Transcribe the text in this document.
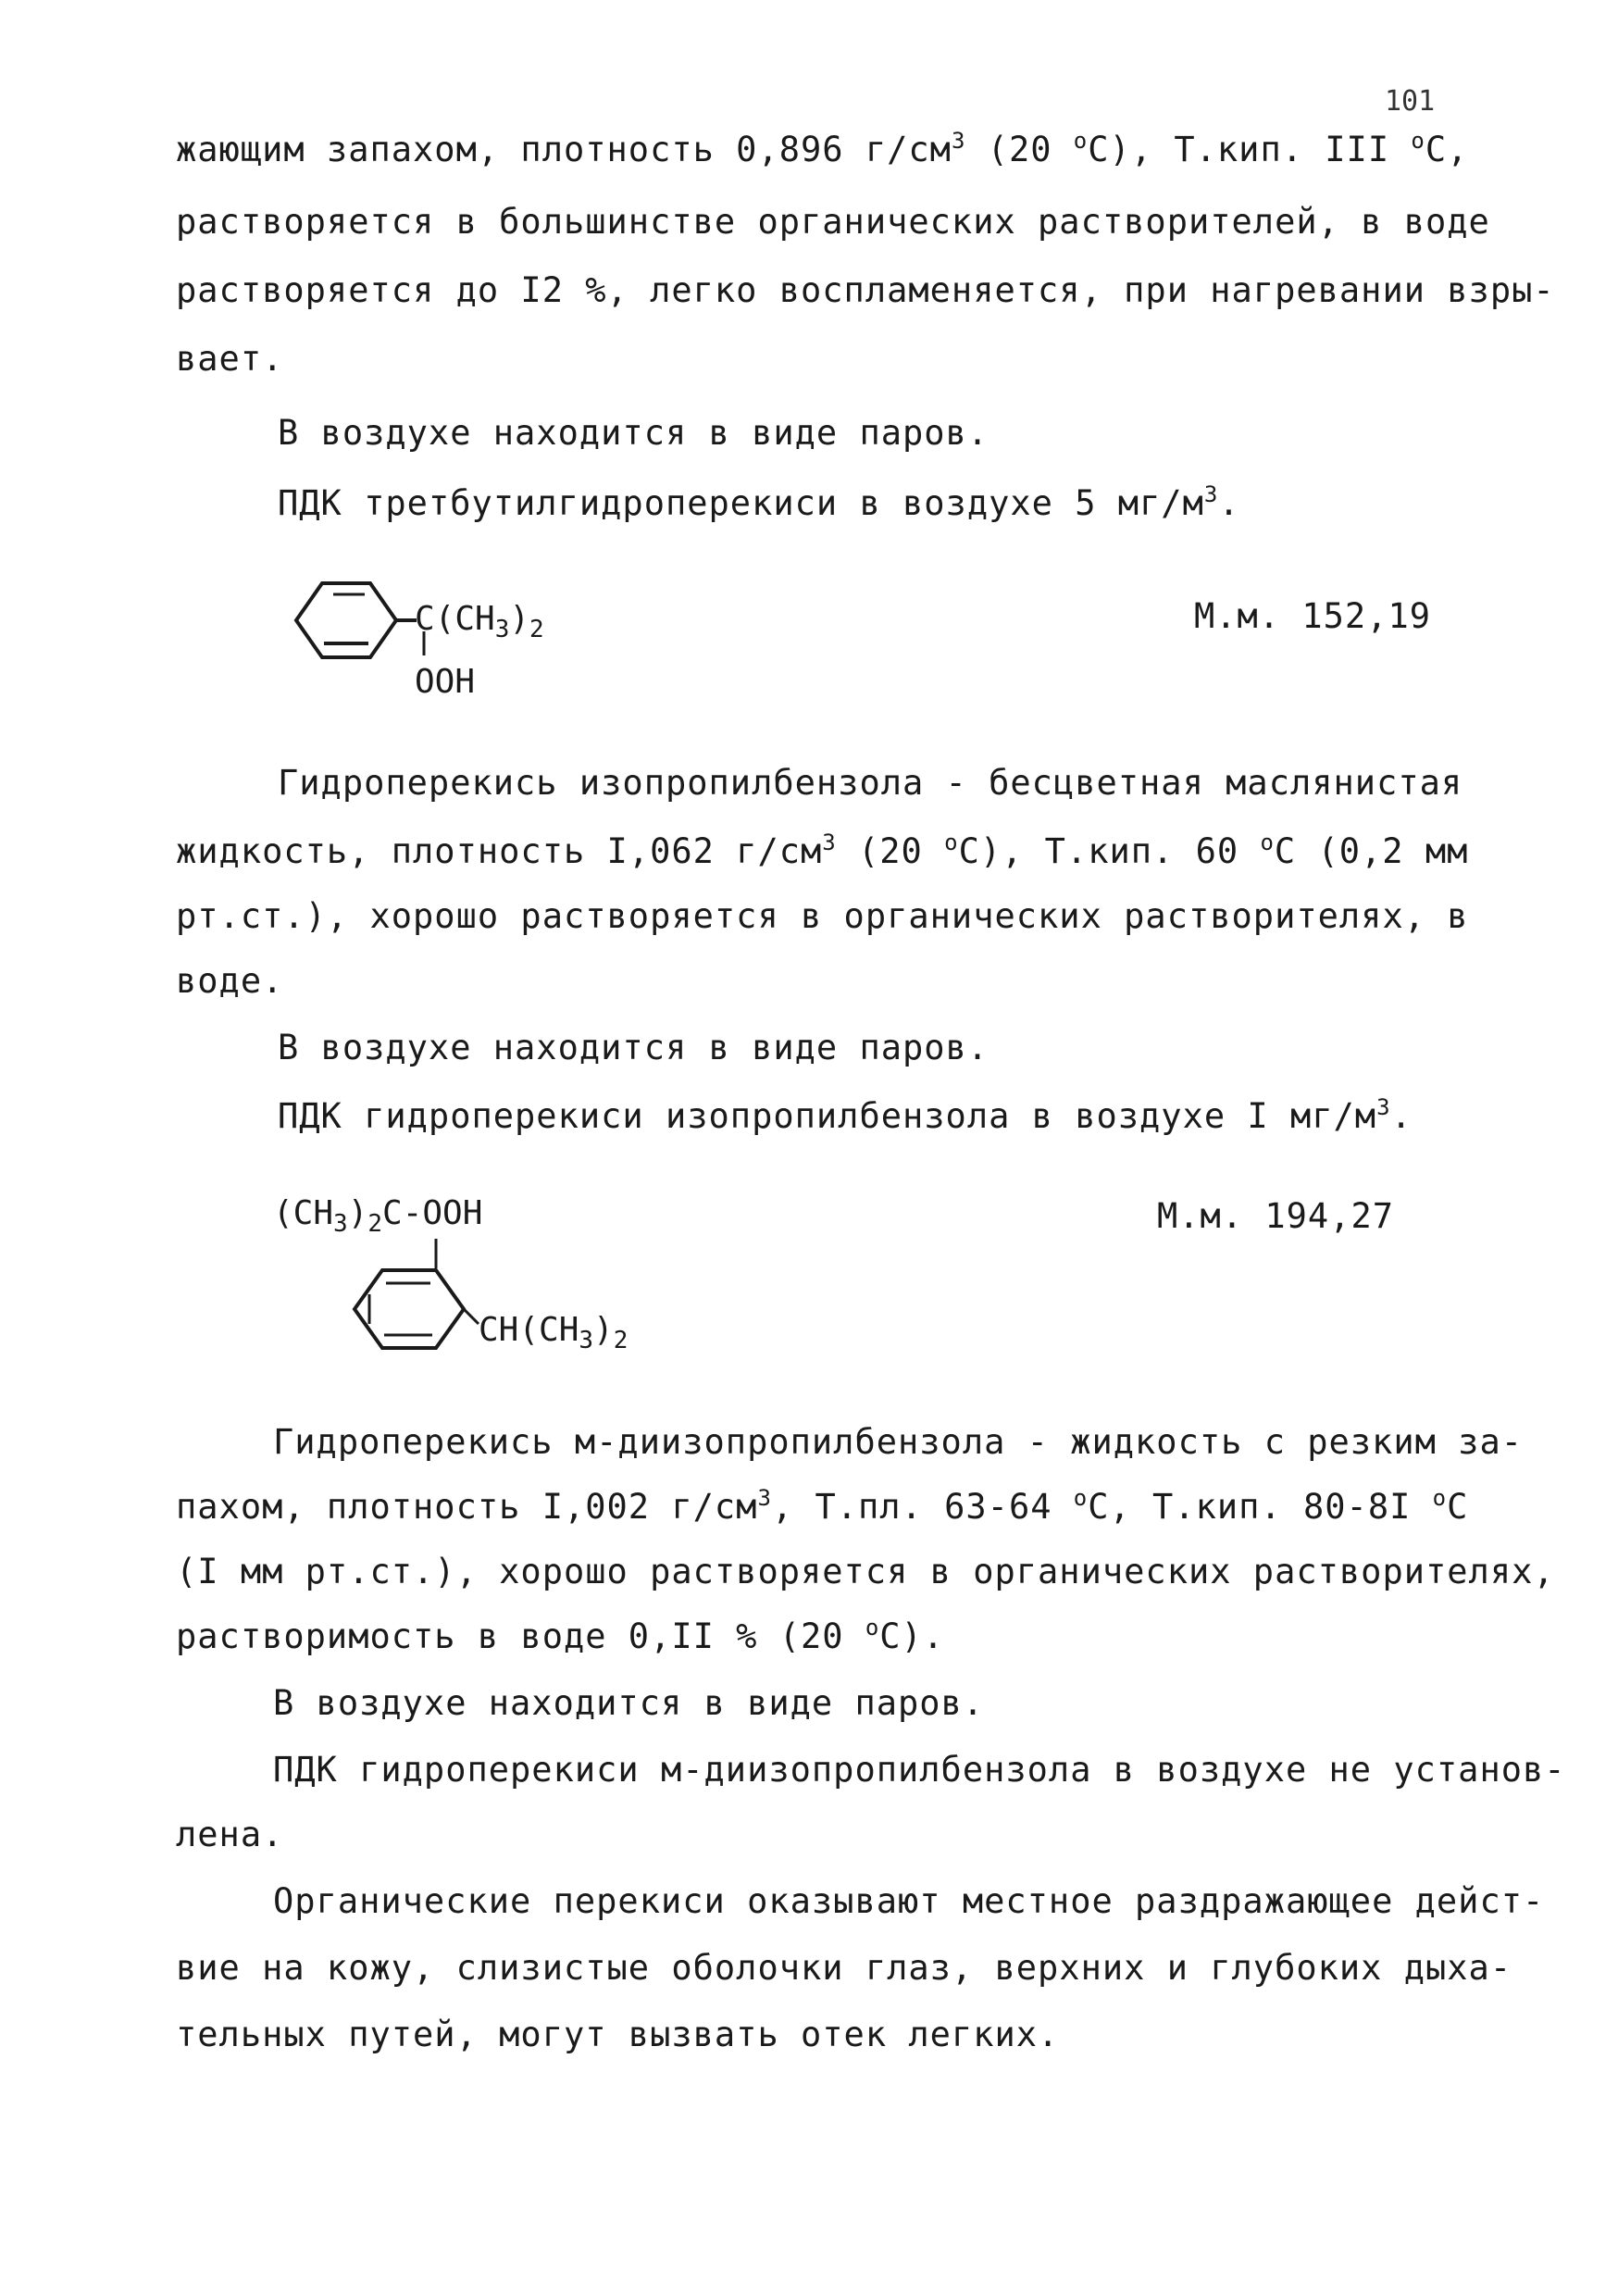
101
жающим запахом, плотность 0,896 $г/см^3$ (20 $^о$С), Т.кип. III $^о$С,
растворяется в большинстве органических растворителей, в воде
растворяется до I2 %, легко воспламеняется, при нагревании взры-
вает.
В воздухе находится в виде паров.
ПДК третбутилгидроперекиси в воздухе 5 $мг/м^3$.
$C(CH_3)_2$
OOH
М.м. 152,19
Гидроперекись изопропилбензола - бесцветная маслянистая
жидкость, плотность I,062 $г/см^3$ (20 $^о$С), Т.кип. 60 $^о$С (0,2 мм
рт.ст.), хорошо растворяется в органических растворителях, в
воде.
В воздухе находится в виде паров.
ПДК гидроперекиси изопропилбензола в воздухе I $мг/м^3$.
$(CH_3)_2C$-OOH
$CH(CH_3)_2$
М.м. 194,27
Гидроперекись м-диизопропилбензола - жидкость с резким за-
пахом, плотность I,002 $г/см^3$, Т.пл. 63-64 $^о$С, Т.кип. 80-8I $^о$С
(I мм рт.ст.), хорошо растворяется в органических растворителях,
растворимость в воде 0,II % (20 $^о$С).
В воздухе находится в виде паров.
ПДК гидроперекиси м-диизопропилбензола в воздухе не установ-
лена.
Органические перекиси оказывают местное раздражающее дейст-
вие на кожу, слизистые оболочки глаз, верхних и глубоких дыха-
тельных путей, могут вызвать отек легких.
